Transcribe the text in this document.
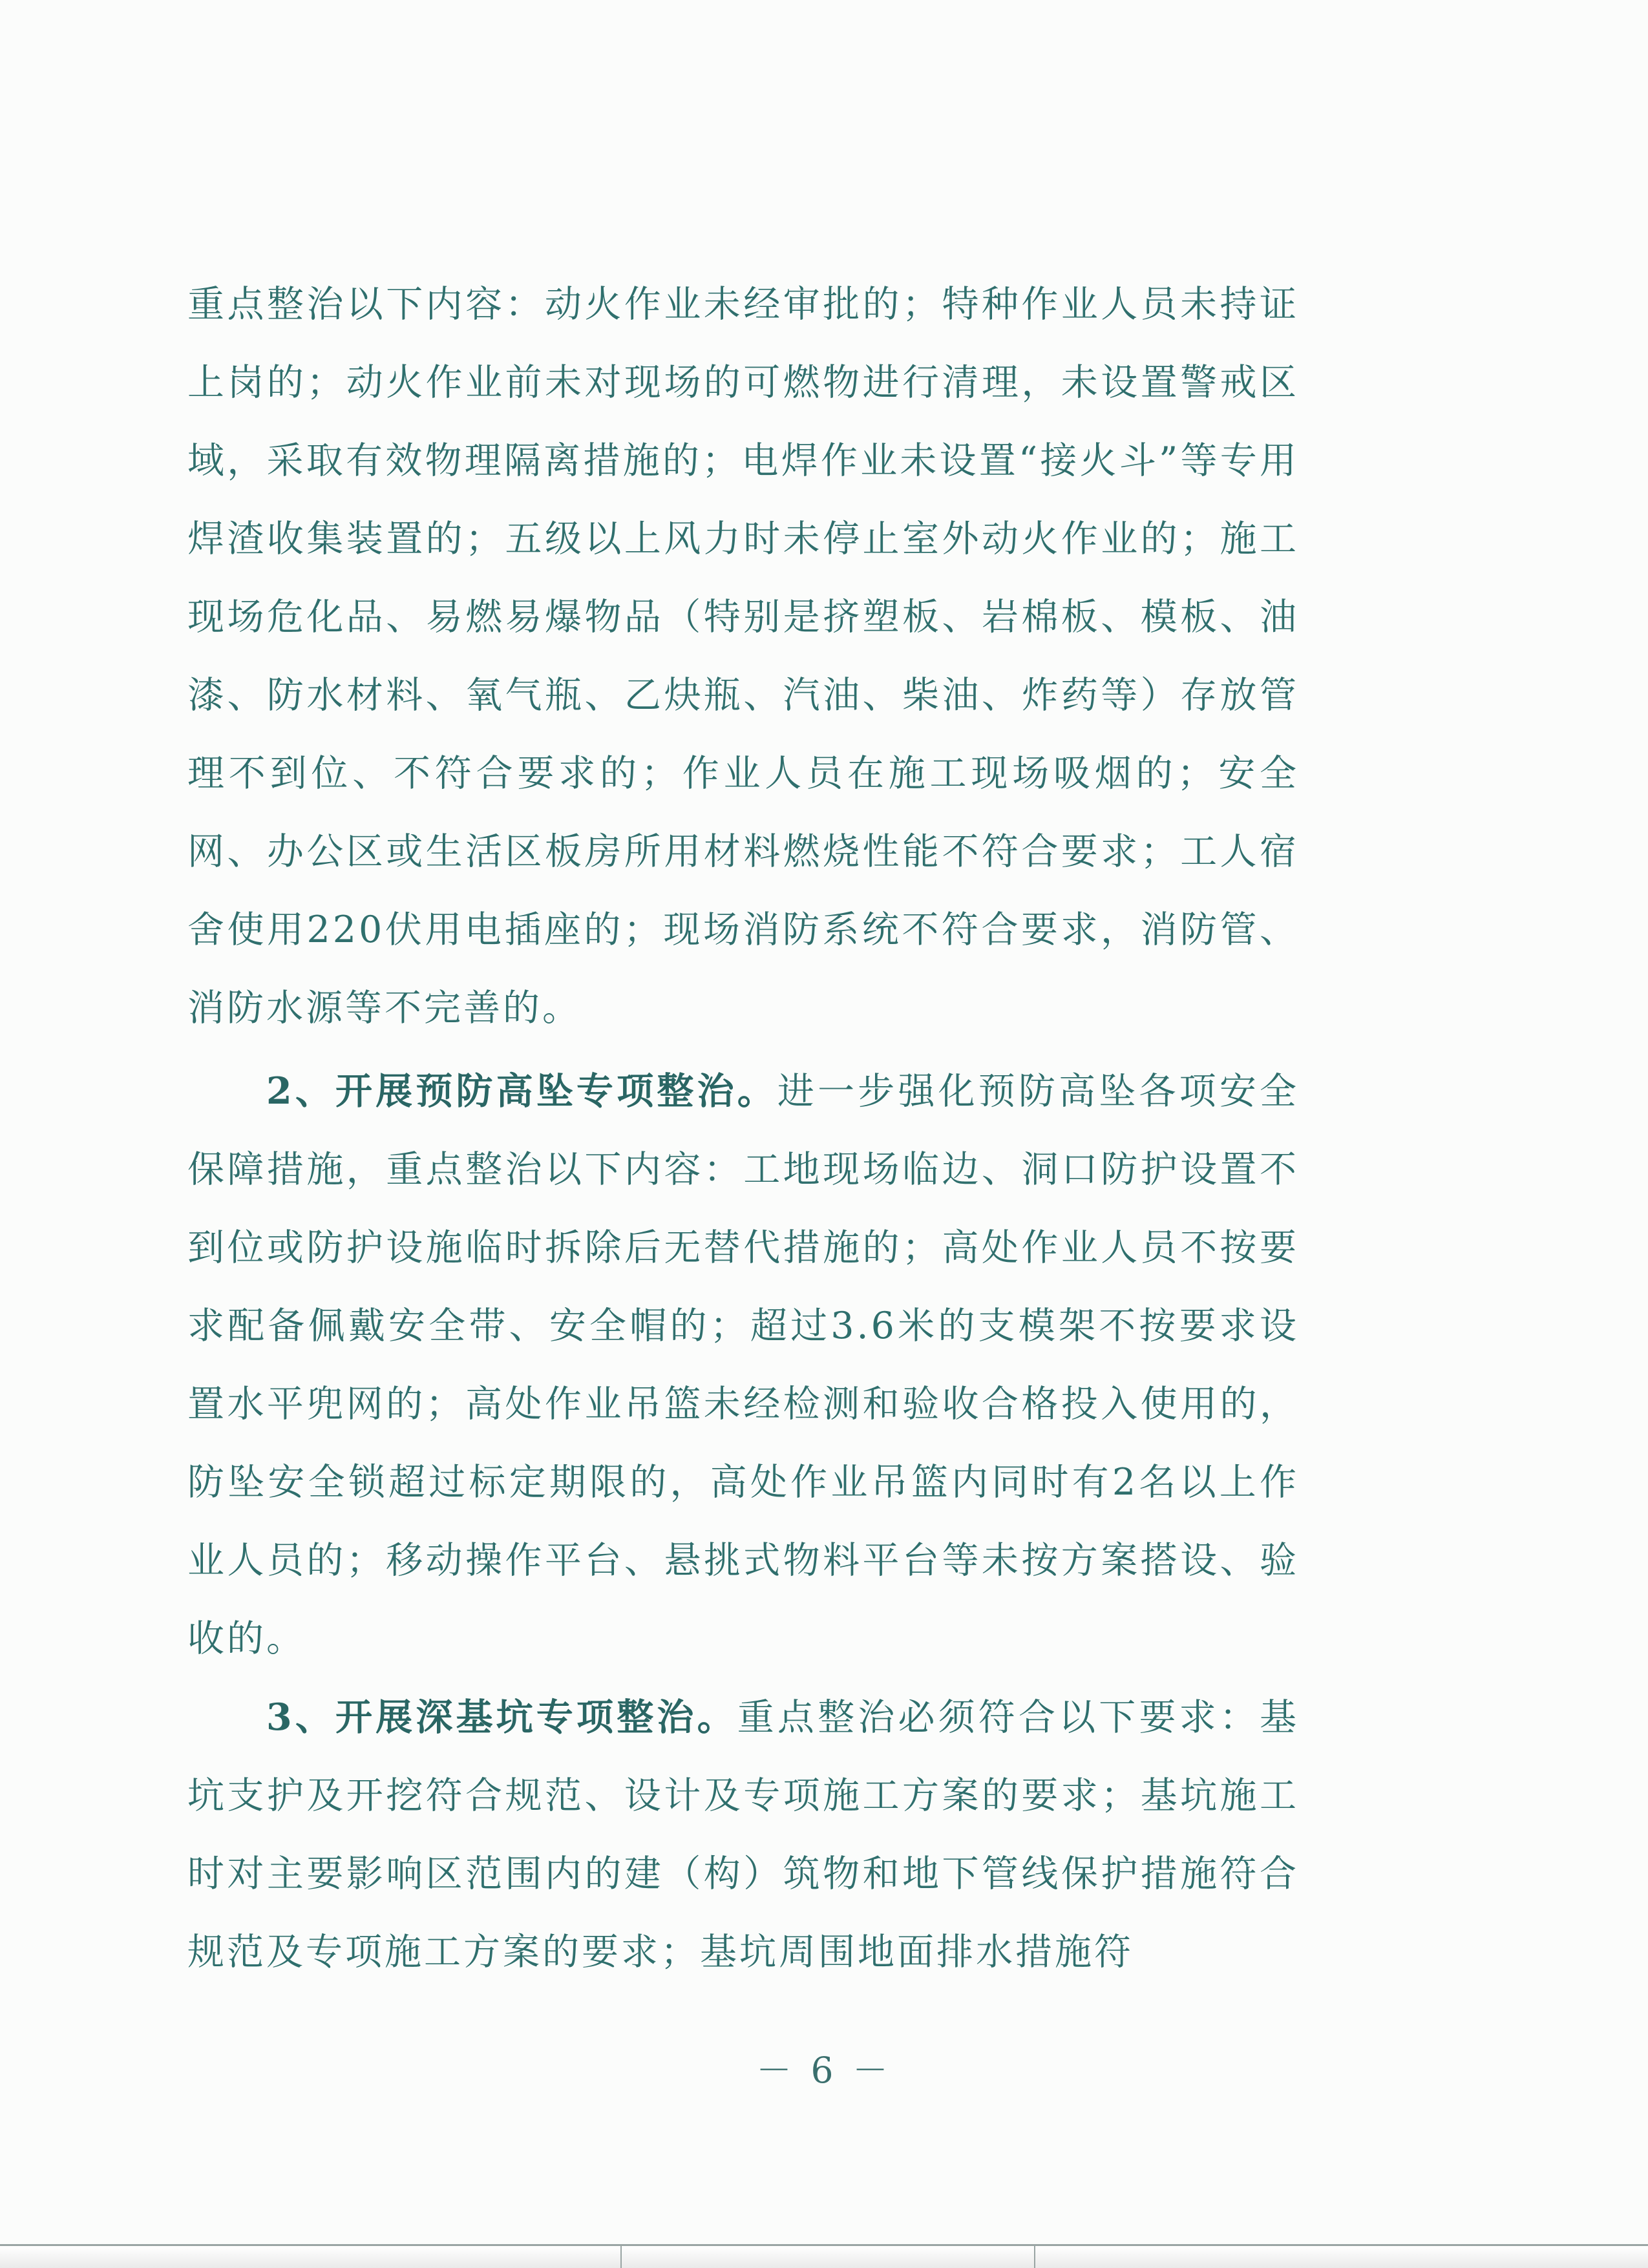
重点整治以下内容：动火作业未经审批的；特种作业人员未持证上岗的；动火作业前未对现场的可燃物进行清理，未设置警戒区域，采取有效物理隔离措施的；电焊作业未设置“接火斗”等专用焊渣收集装置的；五级以上风力时未停止室外动火作业的；施工现场危化品、易燃易爆物品（特别是挤塑板、岩棉板、模板、油漆、防水材料、氧气瓶、乙炔瓶、汽油、柴油、炸药等）存放管理不到位、不符合要求的；作业人员在施工现场吸烟的；安全网、办公区或生活区板房所用材料燃烧性能不符合要求；工人宿舍使用220伏用电插座的；现场消防系统不符合要求，消防管、消防水源等不完善的。

2、开展预防高坠专项整治。进一步强化预防高坠各项安全保障措施，重点整治以下内容：工地现场临边、洞口防护设置不到位或防护设施临时拆除后无替代措施的；高处作业人员不按要求配备佩戴安全带、安全帽的；超过3.6米的支模架不按要求设置水平兜网的；高处作业吊篮未经检测和验收合格投入使用的，防坠安全锁超过标定期限的，高处作业吊篮内同时有2名以上作业人员的；移动操作平台、悬挑式物料平台等未按方案搭设、验收的。

3、开展深基坑专项整治。重点整治必须符合以下要求：基坑支护及开挖符合规范、设计及专项施工方案的要求；基坑施工时对主要影响区范围内的建（构）筑物和地下管线保护措施符合规范及专项施工方案的要求；基坑周围地面排水措施符

－ 6 －
